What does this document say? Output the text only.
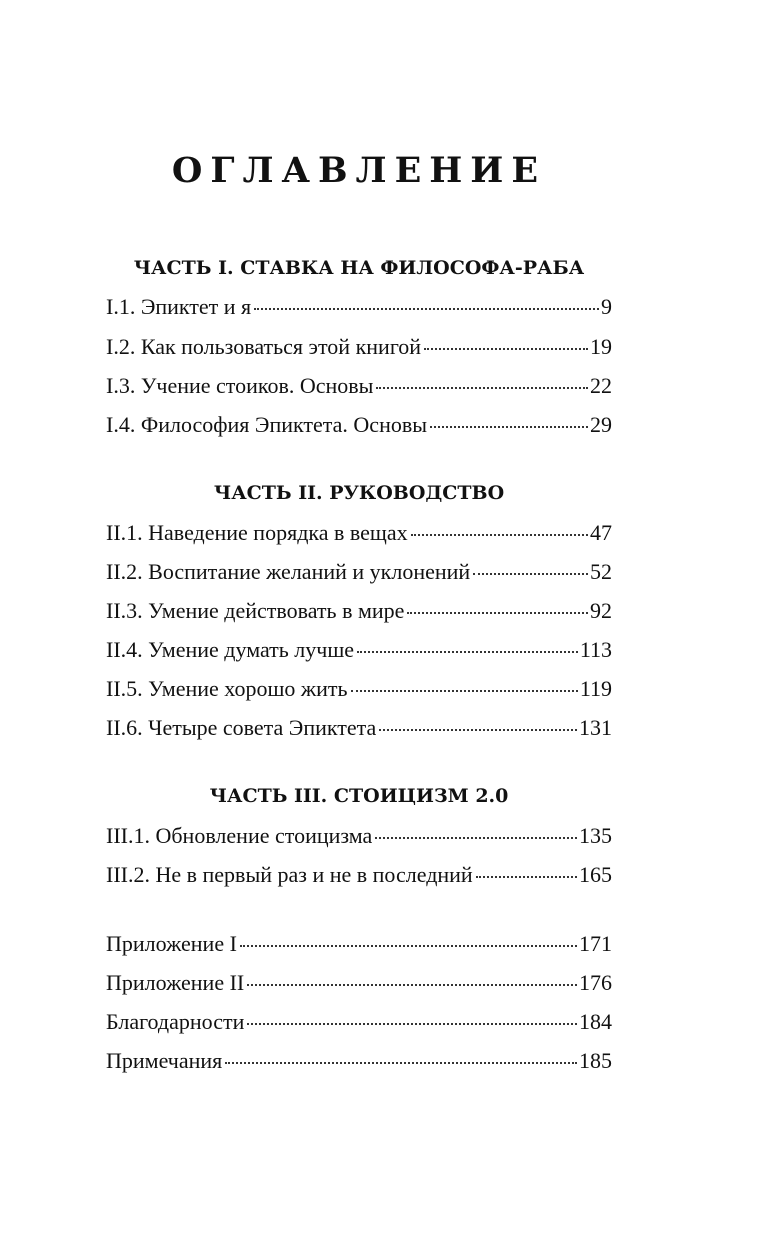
ОГЛАВЛЕНИЕ
ЧАСТЬ I. СТАВКА НА ФИЛОСОФА-РАБА
I.1. Эпиктет и я	9
I.2. Как пользоваться этой книгой	19
I.3. Учение стоиков. Основы	22
I.4. Философия Эпиктета. Основы	29
ЧАСТЬ II. РУКОВОДСТВО
II.1. Наведение порядка в вещах	47
II.2. Воспитание желаний и уклонений	52
II.3. Умение действовать в мире	92
II.4. Умение думать лучше	113
II.5. Умение хорошо жить	119
II.6. Четыре совета Эпиктета	131
ЧАСТЬ III. СТОИЦИЗМ 2.0
III.1. Обновление стоицизма	135
III.2. Не в первый раз и не в последний	165
Приложение I	171
Приложение II	176
Благодарности	184
Примечания	185
